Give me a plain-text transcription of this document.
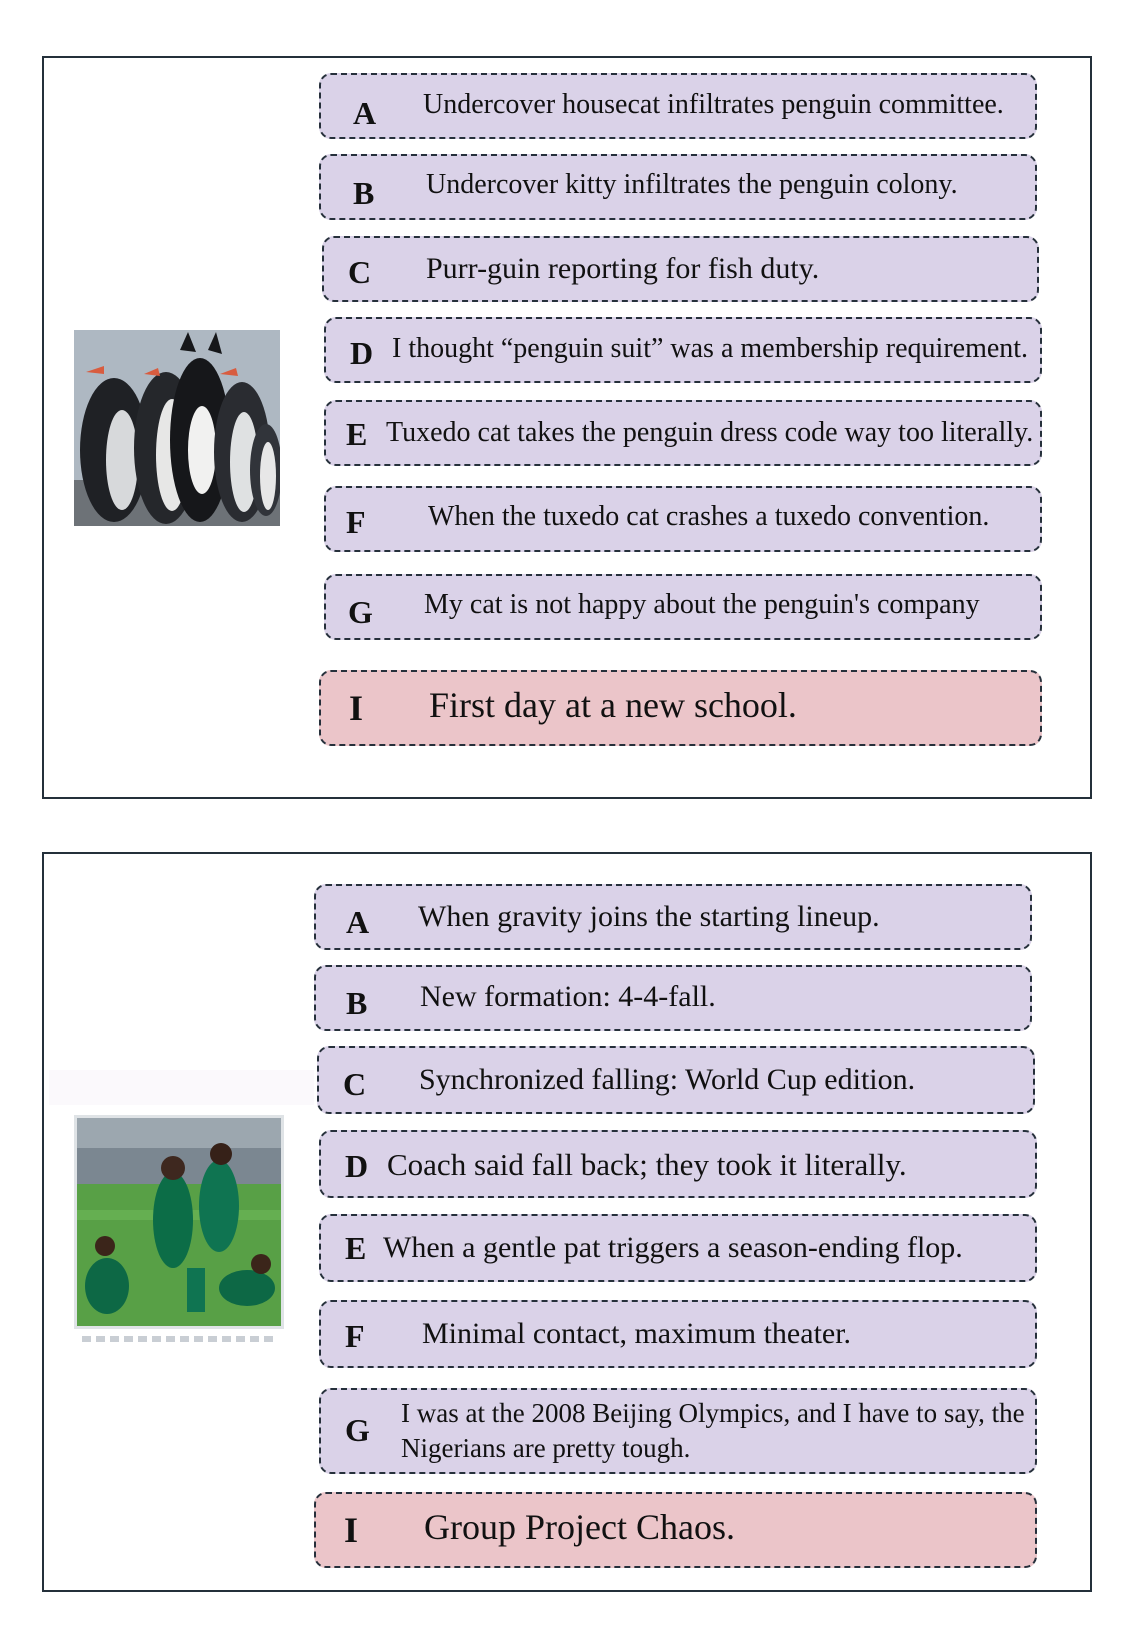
A Undercover housecat infiltrates penguin committee.
B Undercover kitty infiltrates the penguin colony.
C Purr-guin reporting for fish duty.
D I thought “penguin suit” was a membership requirement.
E Tuxedo cat takes the penguin dress code way too literally.
F When the tuxedo cat crashes a tuxedo convention.
G My cat is not happy about the penguin's company
I First day at a new school.
A When gravity joins the starting lineup.
B New formation: 4-4-fall.
C Synchronized falling: World Cup edition.
D Coach said fall back; they took it literally.
E When a gentle pat triggers a season-ending flop.
F Minimal contact, maximum theater.
G I was at the 2008 Beijing Olympics, and I have to say, the Nigerians are pretty tough.
I Group Project Chaos.
